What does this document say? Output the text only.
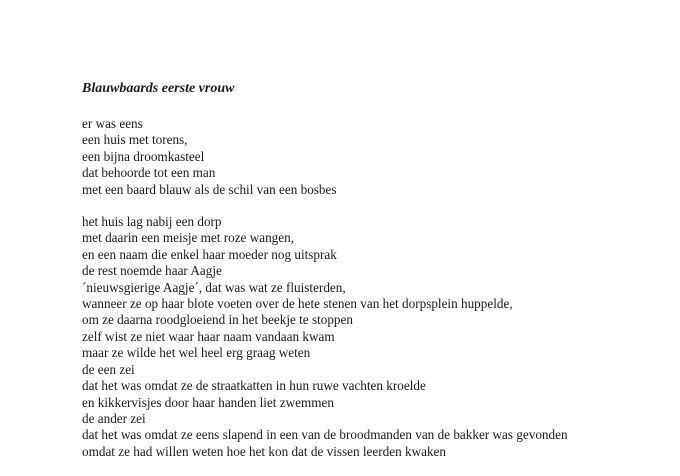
Blauwbaards eerste vrouw
er was eens
een huis met torens,
een bijna droomkasteel
dat behoorde tot een man
met een baard blauw als de schil van een bosbes
het huis lag nabij een dorp
met daarin een meisje met roze wangen,
en een naam die enkel haar moeder nog uitsprak
de rest noemde haar Aagje
´nieuwsgierige Aagje´, dat was wat ze fluisterden,
wanneer ze op haar blote voeten over de hete stenen van het dorpsplein huppelde,
om ze daarna roodgloeiend in het beekje te stoppen
zelf wist ze niet waar haar naam vandaan kwam
maar ze wilde het wel heel erg graag weten
de een zei
dat het was omdat ze de straatkatten in hun ruwe vachten kroelde
en kikkervisjes door haar handen liet zwemmen
de ander zei
dat het was omdat ze eens slapend in een van de broodmanden van de bakker was gevonden
omdat ze had willen weten hoe het kon dat de vissen leerden kwaken
